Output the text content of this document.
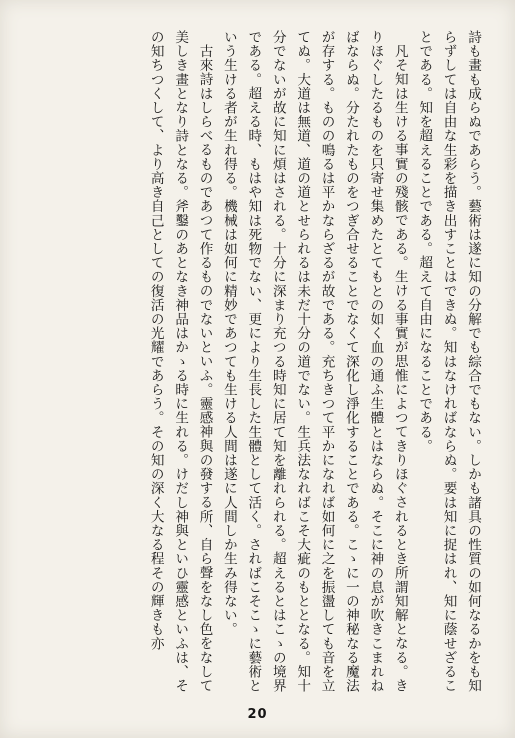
詩も畫も成らぬであらう。藝術は遂に知の分解でも綜合でもない。しかも諸具の性質の如何なるかをも知らずしては自由な生彩を描き出すことはできぬ。知はなければならぬ。要は知に捉はれ、知に蔭せざることである。知を超えることである。超えて自由になることである。

凡そ知は生ける事實の殘骸である。生ける事實が思惟によつてきりほぐされるとき所謂知解となる。きりほぐしたるものを只寄せ集めたとてもとの如く血の通ふ生體とはならぬ。そこに神の息が吹きこまれねばならぬ。分たれたものをつぎ合せることでなくて深化し淨化することである。こゝに一の神秘なる魔法が存する。ものの鳴るは平かならざるが故である。充ちきつて平かになれば如何に之を振盪しても音を立てぬ。大道は無道、道の道とせられるは未だ十分の道でない。生兵法なればこそ大疵のもととなる。知十分でないが故に知に煩はされる。十分に深まり充つる時知に居て知を離れられる。超えるとはこゝの境界である。超える時、もはや知は死物でない、更により生長した生體として活く。さればこそこゝに藝術という生ける者が生れ得る。機械は如何に精妙であつても生ける人間は遂に人間しか生み得ない。

古來詩はしらべるものであつて作るものでないといふ。靈感神與の發する所、自ら聲をなし色をなして美しき畫となり詩となる。斧鑿のあとなき神品はかゝる時に生れる。けだし神與といひ靈感といふは、その知ちつくして、より高き自己としての復活の光耀であらう。その知の深く大なる程その輝きも亦

20
